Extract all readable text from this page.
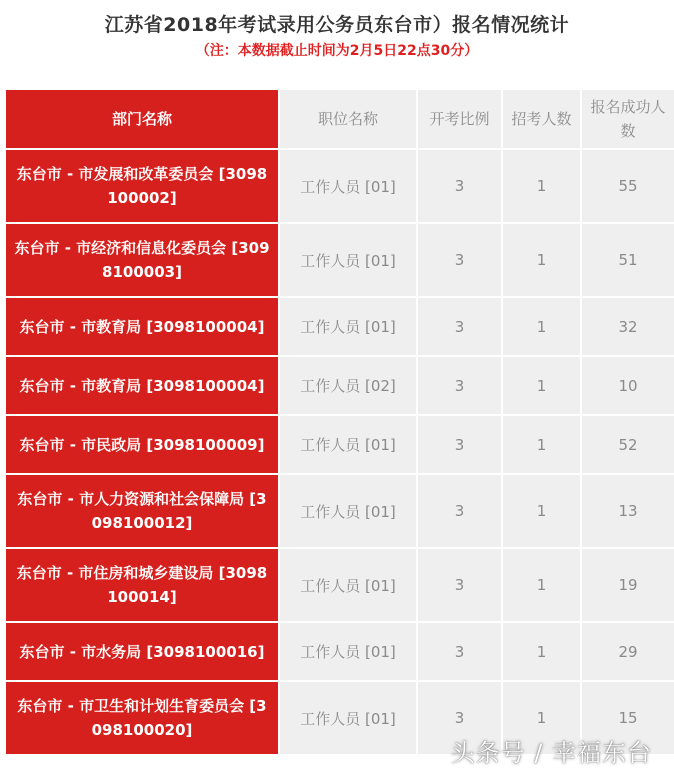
江苏省2018年考试录用公务员东台市）报名情况统计
（注：本数据截止时间为2月5日22点30分）
部门名称	职位名称	开考比例	招考人数	报名成功人数
东台市 - 市发展和改革委员会 [3098100002]	工作人员 [01]	3	1	55
东台市 - 市经济和信息化委员会 [3098100003]	工作人员 [01]	3	1	51
东台市 - 市教育局 [3098100004]	工作人员 [01]	3	1	32
东台市 - 市教育局 [3098100004]	工作人员 [02]	3	1	10
东台市 - 市民政局 [3098100009]	工作人员 [01]	3	1	52
东台市 - 市人力资源和社会保障局 [3098100012]	工作人员 [01]	3	1	13
东台市 - 市住房和城乡建设局 [3098100014]	工作人员 [01]	3	1	19
东台市 - 市水务局 [3098100016]	工作人员 [01]	3	1	29
东台市 - 市卫生和计划生育委员会 [3098100020]	工作人员 [01]	3	1	15
头条号 / 幸福东台
